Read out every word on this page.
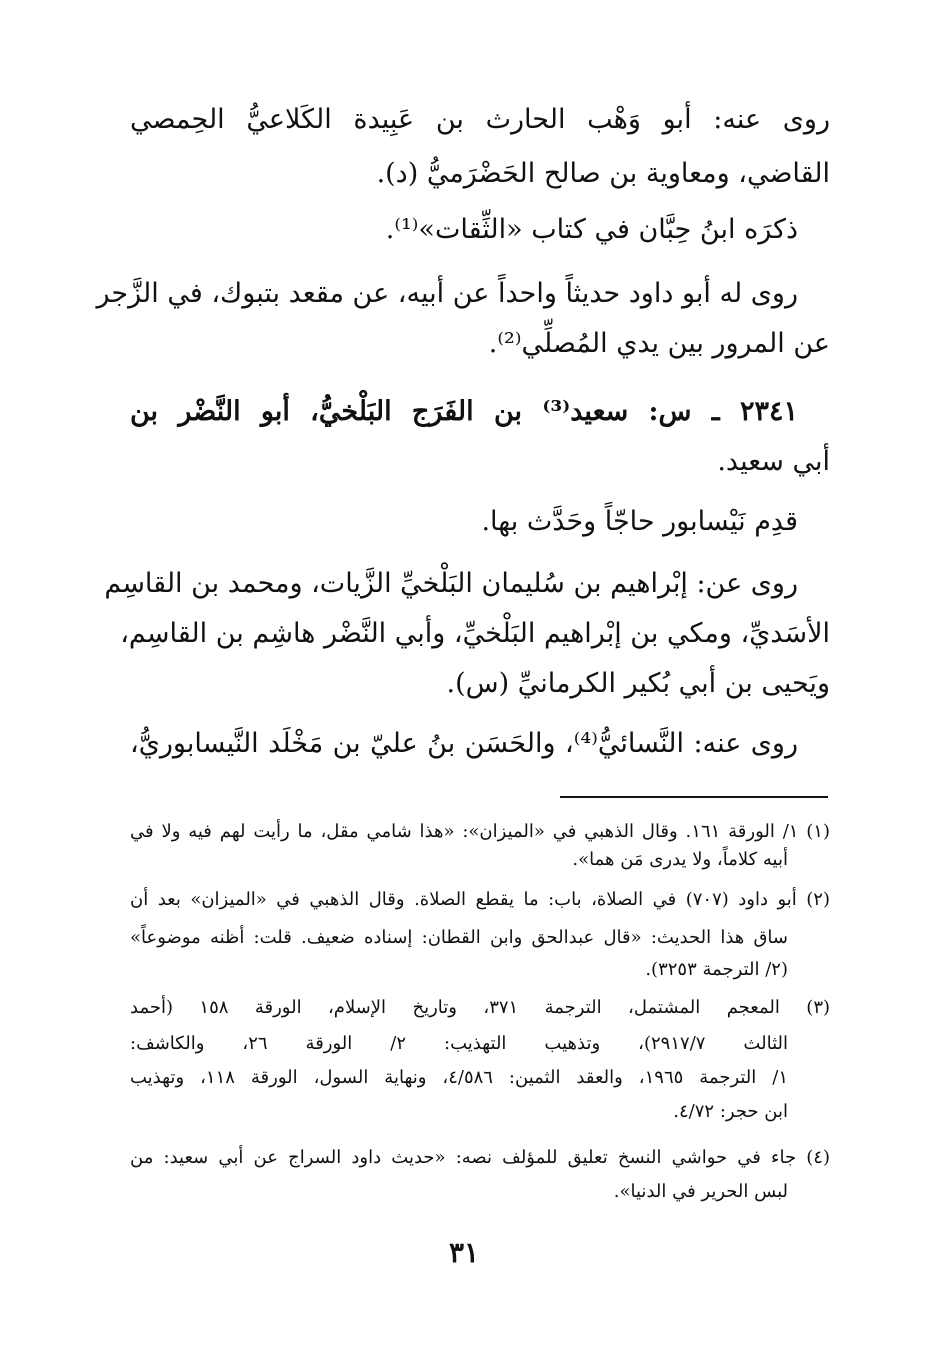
روى عنه: أبو وَهْب الحارث بن عَبِيدة الكَلاعيُّ الحِمصي
القاضي، ومعاوية بن صالح الحَضْرَميُّ (د).
ذكرَه ابنُ حِبَّان في كتاب «الثِّقات»⁽¹⁾.
روى له أبو داود حديثاً واحداً عن أبيه، عن مقعد بتبوك، في الزَّجر
عن المرور بين يدي المُصلِّي⁽²⁾.
٢٣٤١ ـ س: سعيد⁽³⁾ بن الفَرَج البَلْخيُّ، أبو النَّضْر بن
أبي سعيد.
قدِم نَيْسابور حاجّاً وحَدَّث بها.
روى عن: إبْراهيم بن سُليمان البَلْخيِّ الزَّيات، ومحمد بن القاسِم
الأسَديِّ، ومكي بن إبْراهيم البَلْخيِّ، وأبي النَّضْر هاشِم بن القاسِم،
ويَحيى بن أبي بُكير الكرمانيِّ (س).
روى عنه: النَّسائيُّ⁽⁴⁾، والحَسَن بنُ عليّ بن مَخْلَد النَّيسابوريُّ،
(١) ١/ الورقة ١٦١. وقال الذهبي في «الميزان»: «هذا شامي مقل، ما رأيت لهم فيه ولا في
أبيه كلاماً، ولا يدرى مَن هما».
(٢) أبو داود (٧٠٧) في الصلاة، باب: ما يقطع الصلاة. وقال الذهبي في «الميزان» بعد أن
ساق هذا الحديث: «قال عبدالحق وابن القطان: إسناده ضعيف. قلت: أظنه موضوعاً»
(٢/ الترجمة ٣٢٥٣).
(٣) المعجم المشتمل، الترجمة ٣٧١، وتاريخ الإسلام، الورقة ١٥٨ (أحمد
الثالث ٢٩١٧/٧)، وتذهيب التهذيب: ٢/ الورقة ٢٦، والكاشف:
١/ الترجمة ١٩٦٥، والعقد الثمين: ٤/٥٨٦، ونهاية السول، الورقة ١١٨، وتهذيب
ابن حجر: ٤/٧٢.
(٤) جاء في حواشي النسخ تعليق للمؤلف نصه: «حديث داود السراج عن أبي سعيد: من
لبس الحرير في الدنيا».
٣١
